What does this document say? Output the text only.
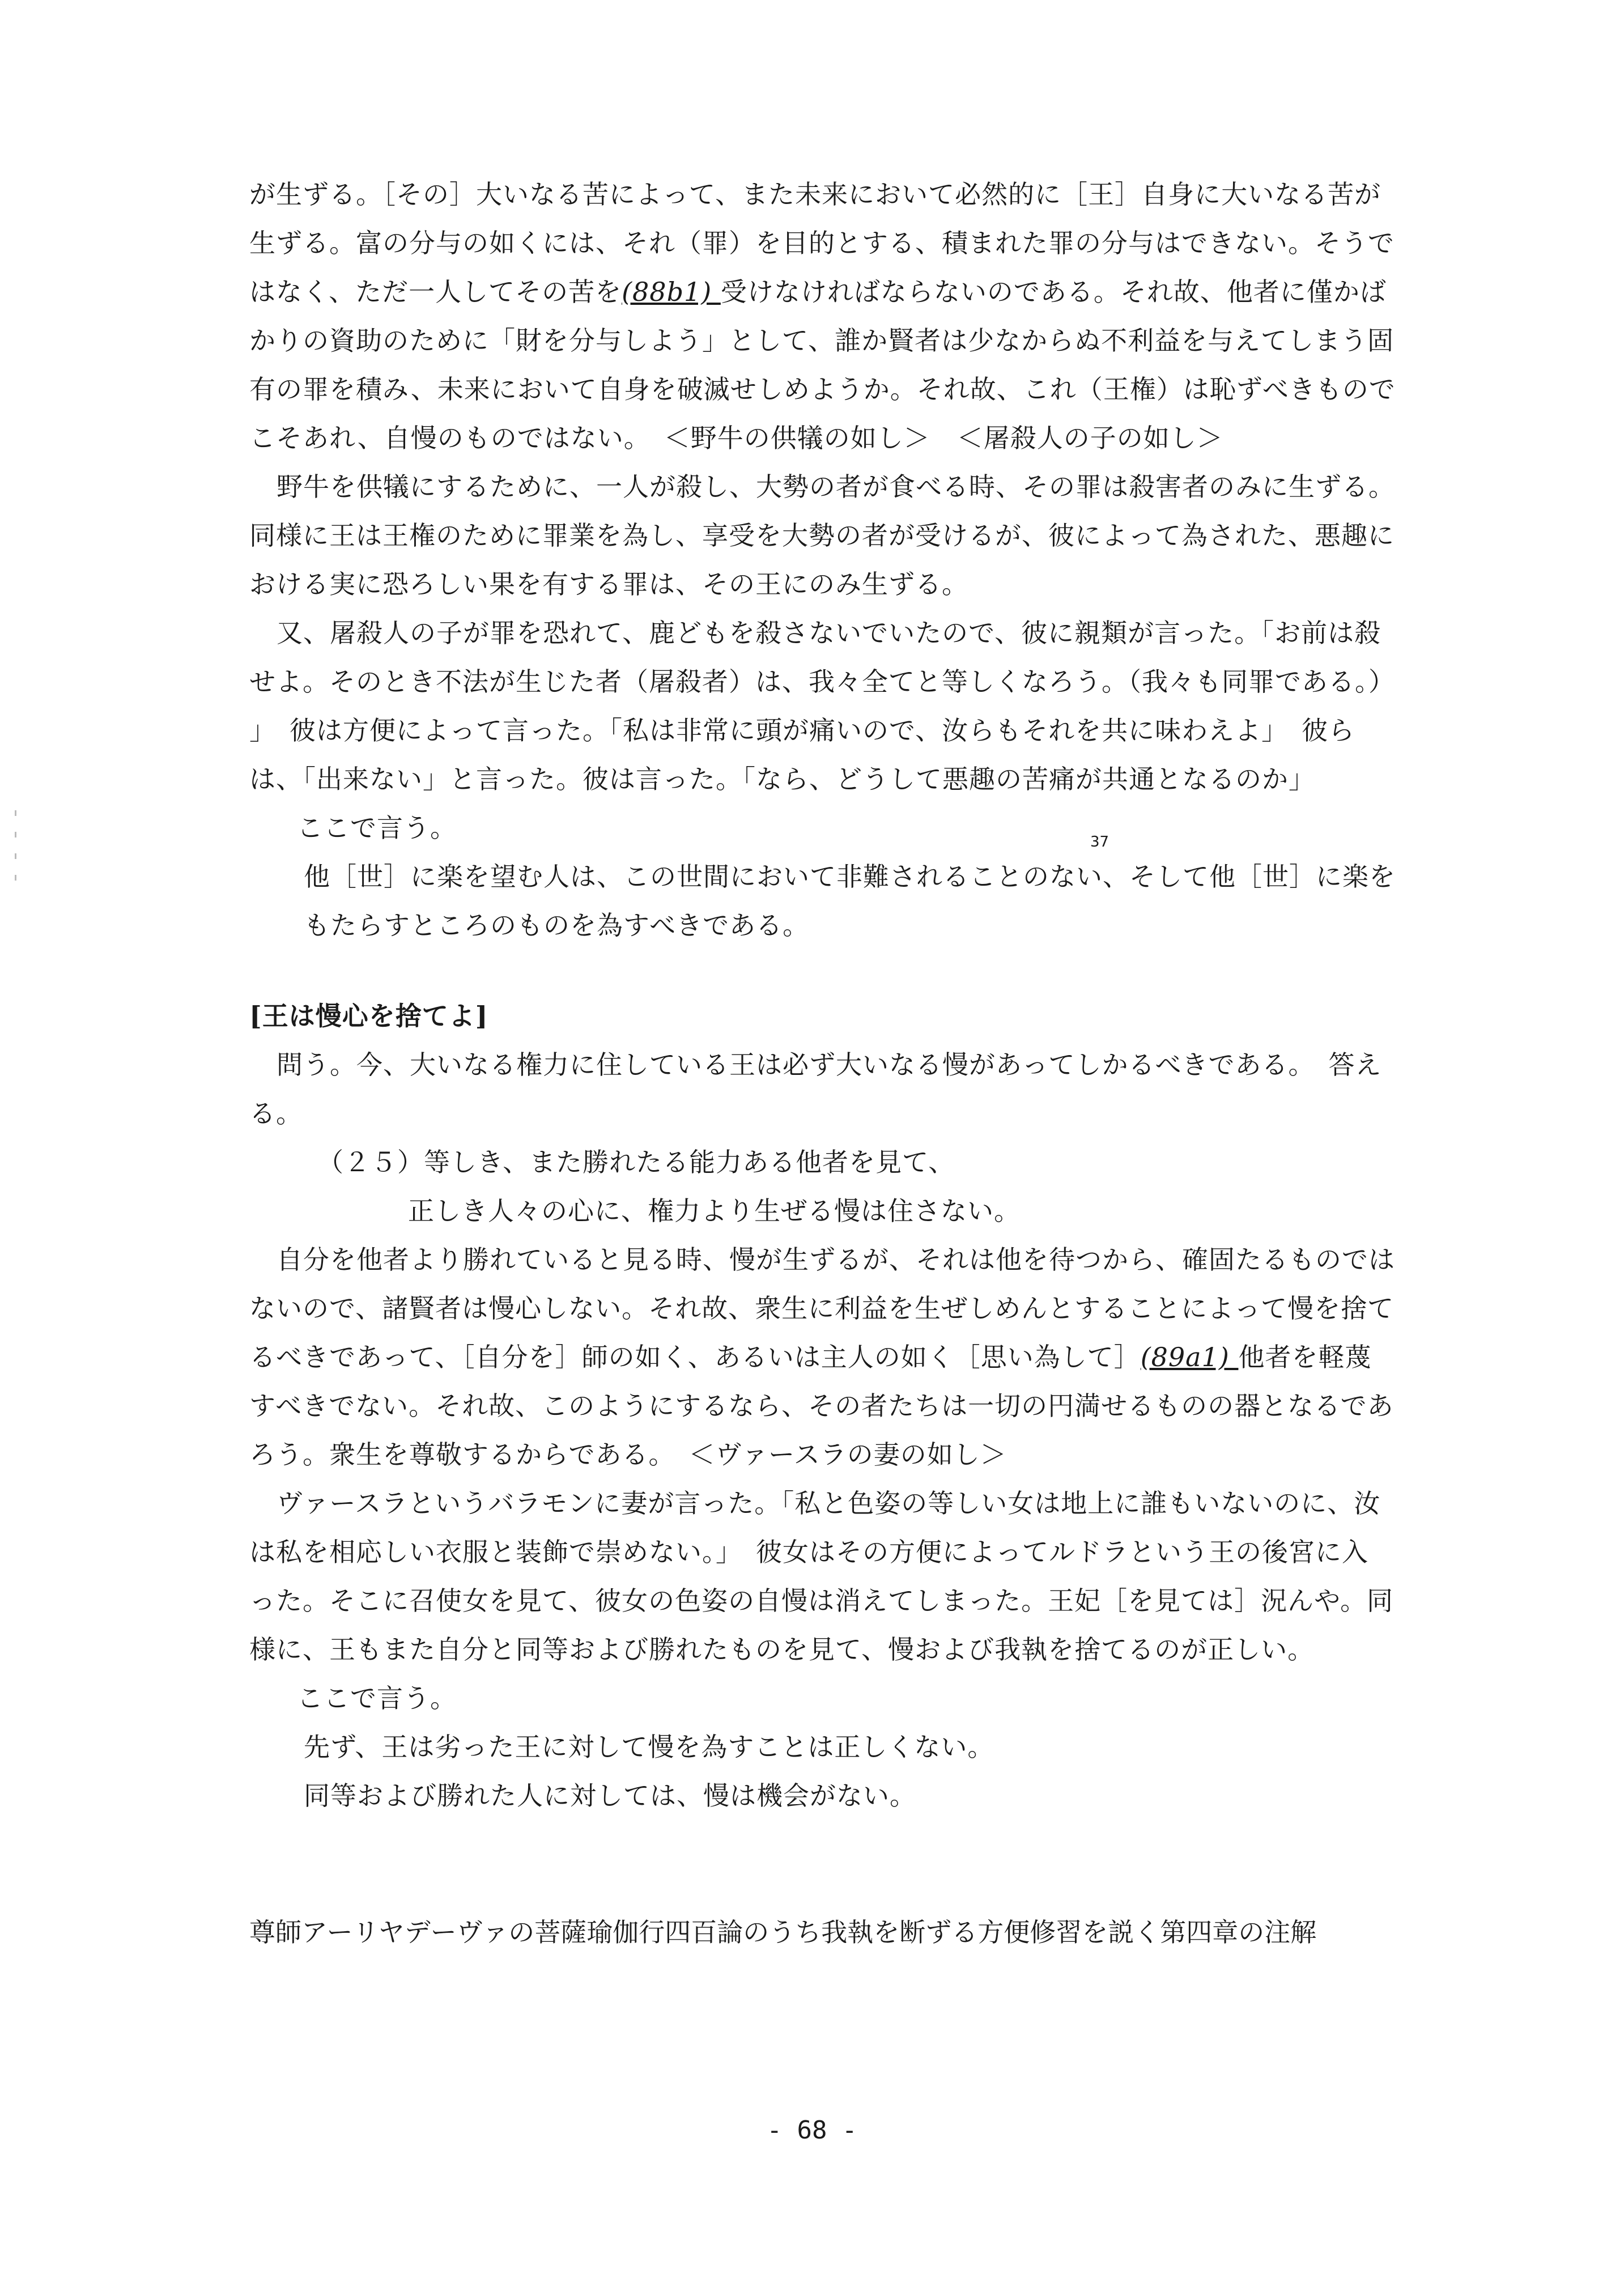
が生ずる。［その］大いなる苦によって、また未来において必然的に［王］自身に大いなる苦が
生ずる。富の分与の如くには、それ（罪）を目的とする、積まれた罪の分与はできない。そうで
はなく、ただ一人してその苦を(88b1) 受けなければならないのである。それ故、他者に僅かば
かりの資助のために「財を分与しよう」として、誰か賢者は少なからぬ不利益を与えてしまう固
有の罪を積み、未来において自身を破滅せしめようか。それ故、これ（王権）は恥ずべきもので
こそあれ、自慢のものではない。　＜野牛の供犠の如し＞　＜屠殺人の子の如し＞
野牛を供犠にするために、一人が殺し、大勢の者が食べる時、その罪は殺害者のみに生ずる。
同様に王は王権のために罪業を為し、享受を大勢の者が受けるが、彼によって為された、悪趣に
おける実に恐ろしい果を有する罪は、その王にのみ生ずる。
又、屠殺人の子が罪を恐れて、鹿どもを殺さないでいたので、彼に親類が言った。「お前は殺
せよ。そのとき不法が生じた者（屠殺者）は、我々全てと等しくなろう。（我々も同罪である。）
」　彼は方便によって言った。「私は非常に頭が痛いので、汝らもそれを共に味わえよ」　彼ら
は、「出来ない」と言った。彼は言った。「なら、どうして悪趣の苦痛が共通となるのか」
ここで言う。
他［世］に楽を望む人は、この世間において非難されることのない、そして他［世］に楽を
もたらすところのものを為すべきである。
37
[王は慢心を捨てよ]
問う。今、大いなる権力に住している王は必ず大いなる慢があってしかるべきである。　答え
る。
（２５）等しき、また勝れたる能力ある他者を見て、
正しき人々の心に、権力より生ぜる慢は住さない。
自分を他者より勝れていると見る時、慢が生ずるが、それは他を待つから、確固たるものでは
ないので、諸賢者は慢心しない。それ故、衆生に利益を生ぜしめんとすることによって慢を捨て
るべきであって、［自分を］師の如く、あるいは主人の如く［思い為して］(89a1) 他者を軽蔑
すべきでない。それ故、このようにするなら、その者たちは一切の円満せるものの器となるであ
ろう。衆生を尊敬するからである。　＜ヴァースラの妻の如し＞
ヴァースラというバラモンに妻が言った。「私と色姿の等しい女は地上に誰もいないのに、汝
は私を相応しい衣服と装飾で崇めない。」　彼女はその方便によってルドラという王の後宮に入
った。そこに召使女を見て、彼女の色姿の自慢は消えてしまった。王妃［を見ては］況んや。同
様に、王もまた自分と同等および勝れたものを見て、慢および我執を捨てるのが正しい。
ここで言う。
先ず、王は劣った王に対して慢を為すことは正しくない。
同等および勝れた人に対しては、慢は機会がない。
尊師アーリヤデーヴァの菩薩瑜伽行四百論のうち我執を断ずる方便修習を説く第四章の注解
- 68 -
